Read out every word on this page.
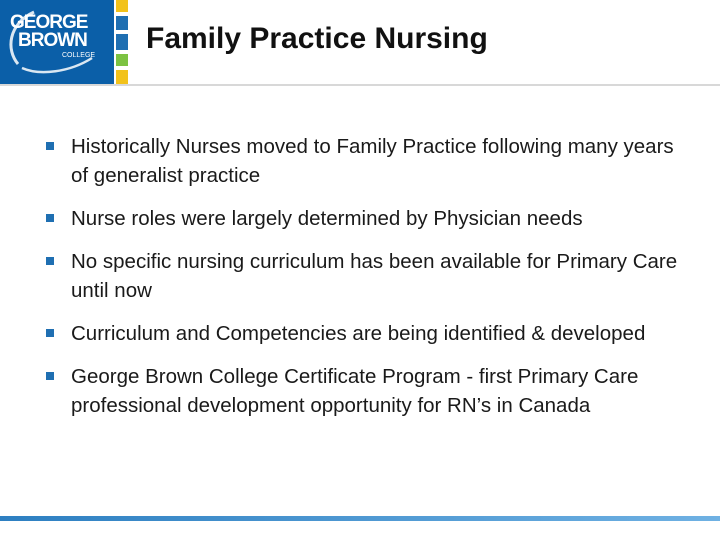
GEORGE
BROWN
COLLEGE
Family Practice Nursing
Historically Nurses moved to Family Practice following many years of generalist practice
Nurse roles were largely determined by Physician needs
No specific nursing curriculum has been available for Primary Care until now
Curriculum and Competencies are being identified & developed
George Brown College Certificate Program - first Primary Care professional development opportunity for RN’s in Canada
